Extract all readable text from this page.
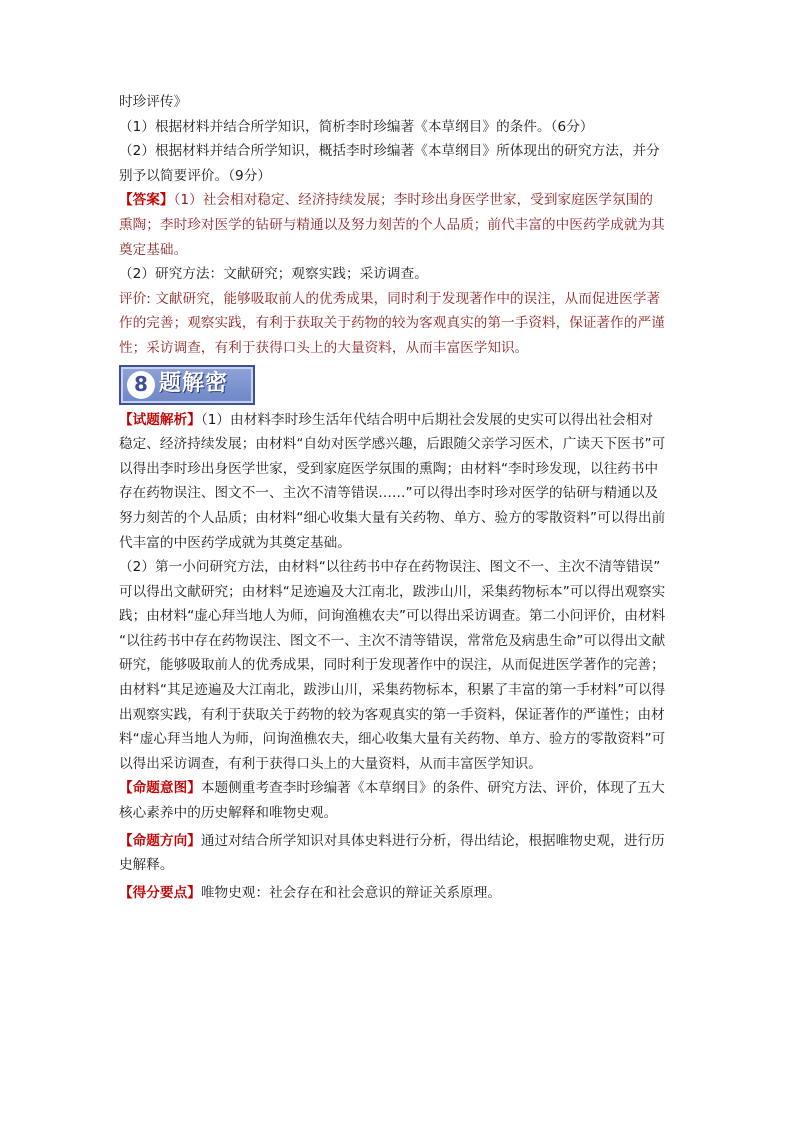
时珍评传》

（1）根据材料并结合所学知识，简析李时珍编著《本草纲目》的条件。（6分）

（2）根据材料并结合所学知识，概括李时珍编著《本草纲目》所体现出的研究方法，并分

别予以简要评价。（9分）

【答案】（1）社会相对稳定、经济持续发展；李时珍出身医学世家，受到家庭医学氛围的

熏陶；李时珍对医学的钻研与精通以及努力刻苦的个人品质；前代丰富的中医药学成就为其

奠定基础。

（2）研究方法：文献研究；观察实践；采访调查。

评价: 文献研究，能够吸取前人的优秀成果，同时利于发现著作中的误注，从而促进医学著

作的完善；观察实践，有利于获取关于药物的较为客观真实的第一手资料，保证著作的严谨

性；采访调查，有利于获得口头上的大量资料，从而丰富医学知识。

8 题解密

【试题解析】（1）由材料李时珍生活年代结合明中后期社会发展的史实可以得出社会相对

稳定、经济持续发展；由材料“自幼对医学感兴趣，后跟随父亲学习医术，广读天下医书”可

以得出李时珍出身医学世家，受到家庭医学氛围的熏陶；由材料“李时珍发现，以往药书中

存在药物误注、图文不一、主次不清等错误……”可以得出李时珍对医学的钻研与精通以及

努力刻苦的个人品质；由材料“细心收集大量有关药物、单方、验方的零散资料”可以得出前

代丰富的中医药学成就为其奠定基础。

（2）第一小问研究方法，由材料“以往药书中存在药物误注、图文不一、主次不清等错误”

可以得出文献研究；由材料“足迹遍及大江南北，跋涉山川，采集药物标本”可以得出观察实

践；由材料“虚心拜当地人为师，问询渔樵农夫”可以得出采访调查。第二小问评价，由材料

“以往药书中存在药物误注、图文不一、主次不清等错误，常常危及病患生命”可以得出文献

研究，能够吸取前人的优秀成果，同时利于发现著作中的误注，从而促进医学著作的完善；

由材料“其足迹遍及大江南北，跋涉山川，采集药物标本，积累了丰富的第一手材料”可以得

出观察实践，有利于获取关于药物的较为客观真实的第一手资料，保证著作的严谨性；由材

料“虚心拜当地人为师，问询渔樵农夫，细心收集大量有关药物、单方、验方的零散资料”可

以得出采访调查，有利于获得口头上的大量资料，从而丰富医学知识。

【命题意图】本题侧重考查李时珍编著《本草纲目》的条件、研究方法、评价，体现了五大

核心素养中的历史解释和唯物史观。

【命题方向】通过对结合所学知识对具体史料进行分析，得出结论，根据唯物史观，进行历

史解释。

【得分要点】唯物史观：社会存在和社会意识的辩证关系原理。
